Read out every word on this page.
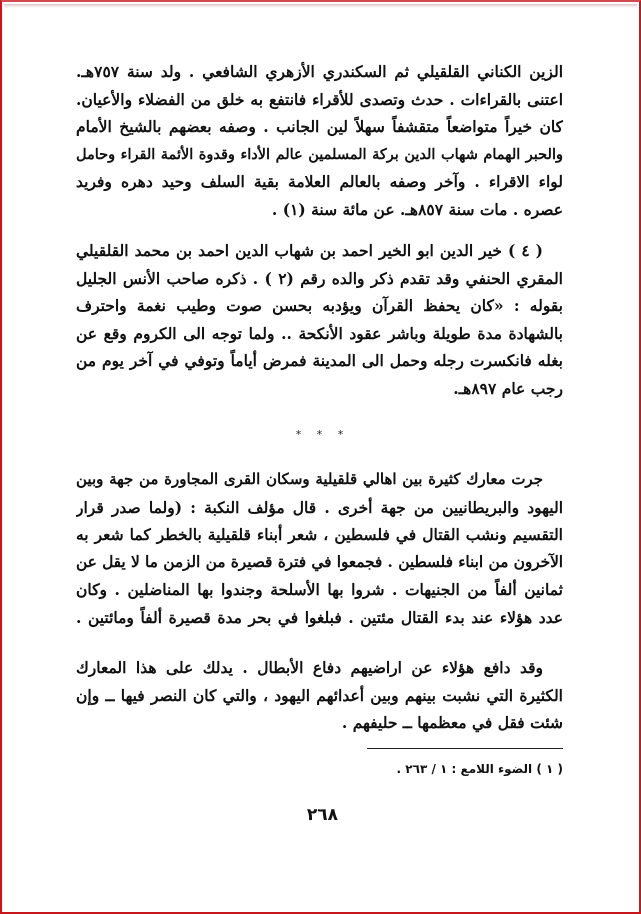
الزين الكناني القلقيلي ثم السكندري الأزهري الشافعي . ولد سنة ٧٥٧هـ.
اعتنى بالقراءات . حدث وتصدى للأقراء فانتفع به خلق من الفضلاء والأعيان.
كان خيراً متواضعاً متقشفاً سهلاً لين الجانب . وصفه بعضهم بالشيخ الأمام
والحبر الهمام شهاب الدين بركة المسلمين عالم الأداء وقدوة الأئمة القراء وحامل
لواء الاقراء . وآخر وصفه بالعالم العلامة بقية السلف وحيد دهره وفريد
عصره . مات سنة ٨٥٧هـ. عن مائة سنة (١) .
( ٤ ) خير الدين ابو الخير احمد بن شهاب الدين احمد بن محمد القلقيلي
المقري الحنفي وقد تقدم ذكر والده رقم (٢ ) . ذكره صاحب الأنس الجليل
بقوله : «كان يحفظ القرآن ويؤدبه بحسن صوت وطيب نغمة واحترف
بالشهادة مدة طويلة وباشر عقود الأنكحة .. ولما توجه الى الكروم وقع عن
بغله فانكسرت رجله وحمل الى المدينة فمرض أياماً وتوفي في آخر يوم من
رجب عام ٨٩٧هـ.
* * *
جرت معارك كثيرة بين اهالي قلقيلية وسكان القرى المجاورة من جهة وبين
اليهود والبريطانيين من جهة أخرى . قال مؤلف النكبة : (ولما صدر قرار
التقسيم ونشب القتال في فلسطين ، شعر أبناء قلقيلية بالخطر كما شعر به
الآخرون من ابناء فلسطين . فجمعوا في فترة قصيرة من الزمن ما لا يقل عن
ثمانين ألفاً من الجنيهات . شروا بها الأسلحة وجندوا بها المناضلين . وكان
عدد هؤلاء عند بدء القتال مئتين . فبلغوا في بحر مدة قصيرة ألفاً ومائتين .
وقد دافع هؤلاء عن اراضيهم دفاع الأبطال . يدلك على هذا المعارك
الكثيرة التي نشبت بينهم وبين أعدائهم اليهود ، والتي كان النصر فيها ــ وإن
شئت فقل في معظمها ــ حليفهم .
( ١ ) الضوء اللامع : ١ / ٢٦٣ .
٢٦٨
